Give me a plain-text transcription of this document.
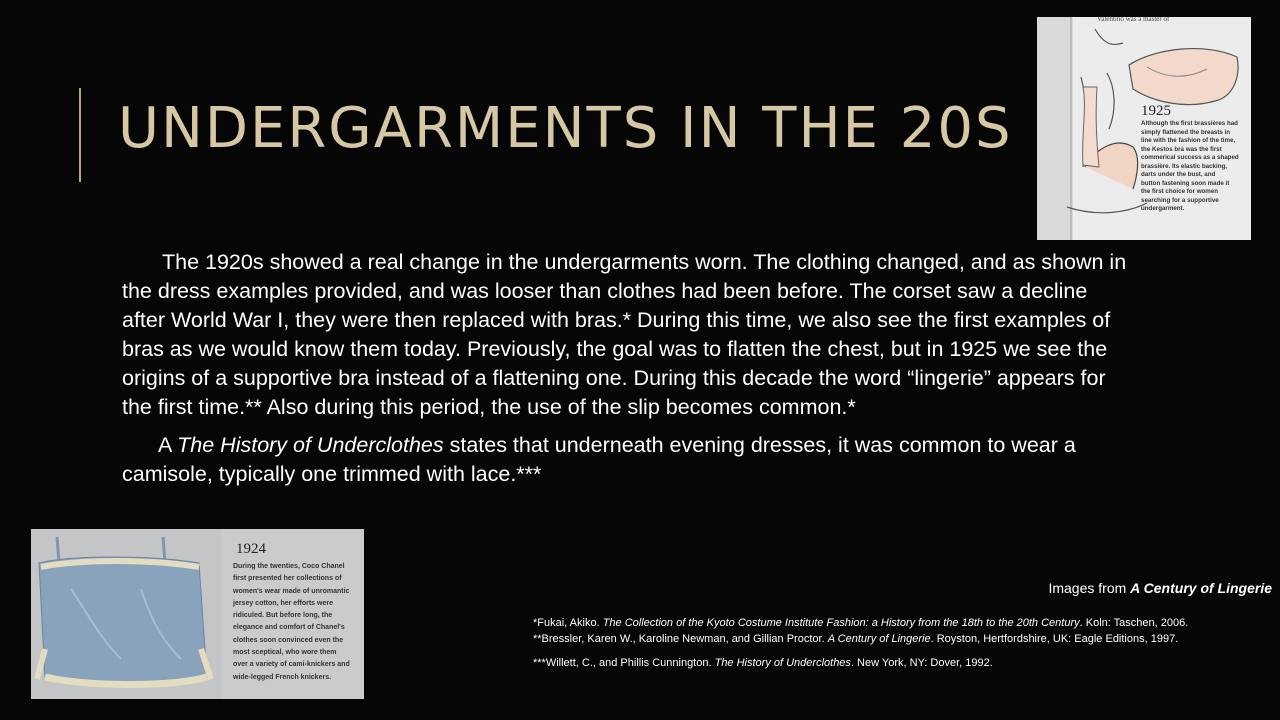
UNDERGARMENTS IN THE 20S

The 1920s showed a real change in the undergarments worn. The clothing changed, and as shown in the dress examples provided, and was looser than clothes had been before. The corset saw a decline after World War I, they were then replaced with bras.* During this time, we also see the first examples of bras as we would know them today. Previously, the goal was to flatten the chest, but in 1925 we see the origins of a supportive bra instead of a flattening one. During this decade the word “lingerie” appears for the first time.** Also during this period, the use of the slip becomes common.*

A The History of Underclothes states that underneath evening dresses, it was common to wear a camisole, typically one trimmed with lace.***

Images from A Century of Lingerie

*Fukai, Akiko. The Collection of the Kyoto Costume Institute Fashion: a History from the 18th to the 20th Century. Koln: Taschen, 2006.

**Bressler, Karen W., Karoline Newman, and Gillian Proctor. A Century of Lingerie. Royston, Hertfordshire, UK: Eagle Editions, 1997.

***Willett, C., and Phillis Cunnington. The History of Underclothes. New York, NY: Dover, 1992.

Valentino was a master of
1925
Although the first brassières had
simply flattened the breasts in
line with the fashion of the time,
the Kestos bra was the first
commerical success as a shaped
brassière. Its elastic backing,
darts under the bust, and
button fastening soon made it
the first choice for women
searching for a supportive
undergarment.
1924
During the twenties, Coco Chanel
first presented her collections of
women's wear made of unromantic
jersey cotton, her efforts were
ridiculed. But before long, the
elegance and comfort of Chanel's
clothes soon convinced even the
most sceptical, who wore them
over a variety of cami-knickers and
wide-legged French knickers.
